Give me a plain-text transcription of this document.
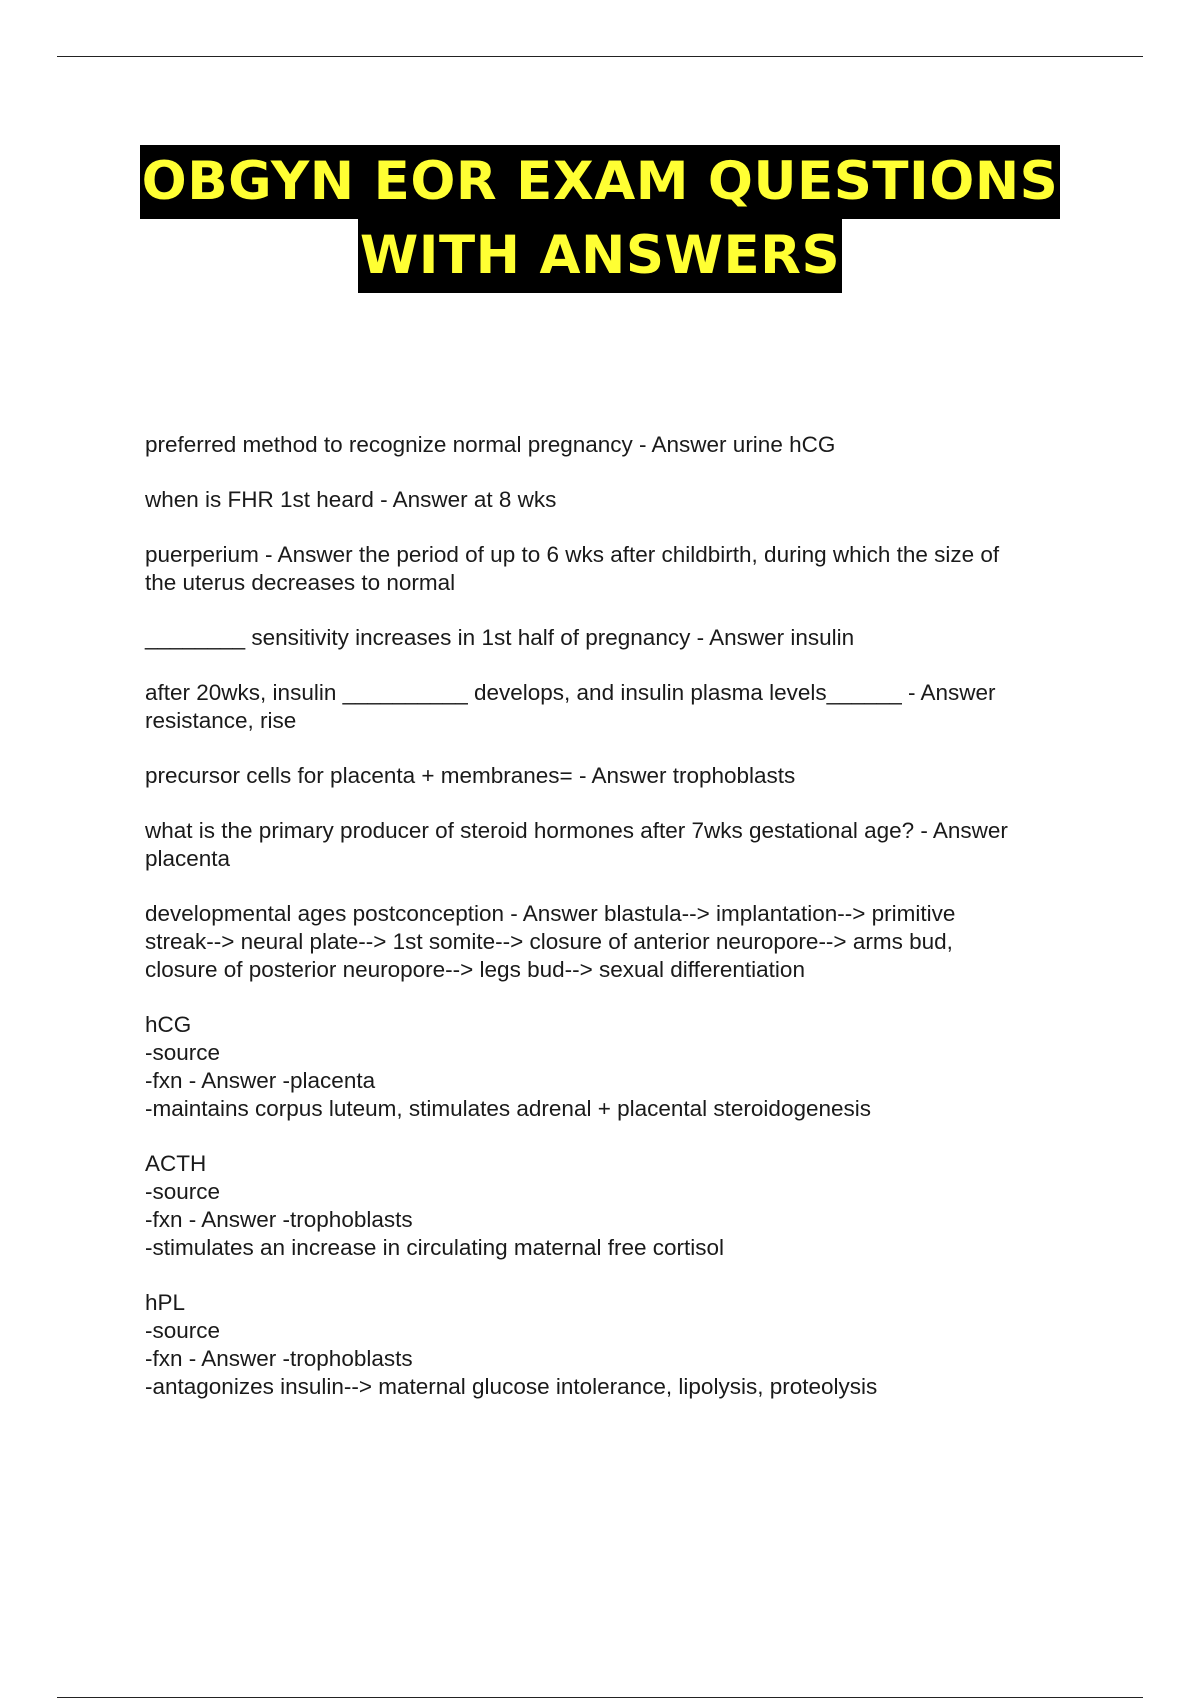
OBGYN EOR EXAM QUESTIONS
WITH ANSWERS
preferred method to recognize normal pregnancy - Answer urine hCG
when is FHR 1st heard - Answer at 8 wks
puerperium - Answer the period of up to 6 wks after childbirth, during which the size of
the uterus decreases to normal
________ sensitivity increases in 1st half of pregnancy - Answer insulin
after 20wks, insulin __________ develops, and insulin plasma levels______ - Answer
resistance, rise
precursor cells for placenta + membranes= - Answer trophoblasts
what is the primary producer of steroid hormones after 7wks gestational age? - Answer
placenta
developmental ages postconception - Answer blastula--> implantation--> primitive
streak--> neural plate--> 1st somite--> closure of anterior neuropore--> arms bud,
closure of posterior neuropore--> legs bud--> sexual differentiation
hCG
-source
-fxn - Answer -placenta
-maintains corpus luteum, stimulates adrenal + placental steroidogenesis
ACTH
-source
-fxn - Answer -trophoblasts
-stimulates an increase in circulating maternal free cortisol
hPL
-source
-fxn - Answer -trophoblasts
-antagonizes insulin--> maternal glucose intolerance, lipolysis, proteolysis
